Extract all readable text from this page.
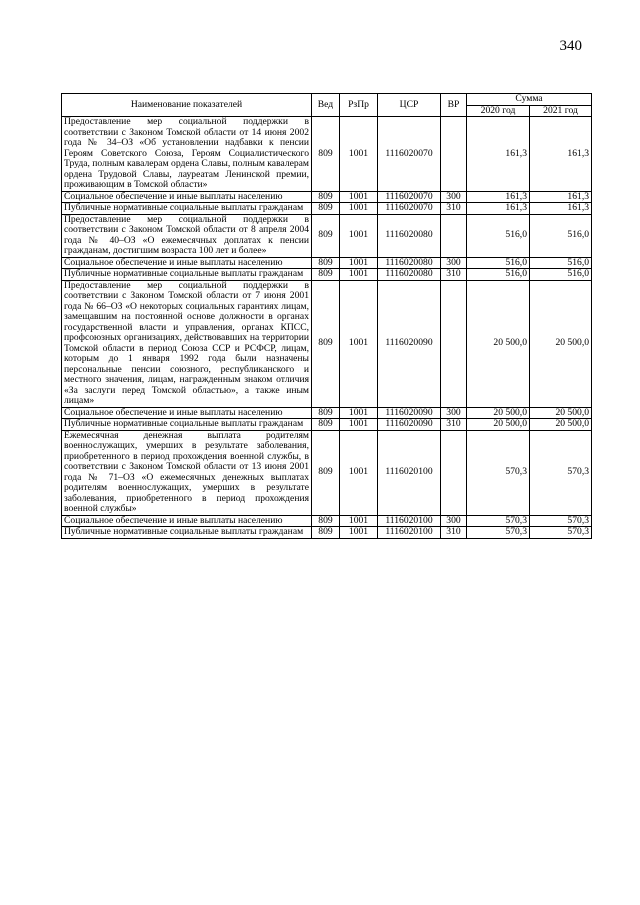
340
Наименование показателей	Вед	РзПр	ЦСР	ВР	Сумма	
					2020 год	2021 год
Предоставление мер социальной поддержки в соответствии с Законом Томской области от 14 июня 2002 года № 34–ОЗ «Об установлении надбавки к пенсии Героям Советского Союза, Героям Социалистического Труда, полным кавалерам ордена Славы, полным кавалерам ордена Трудовой Славы, лауреатам Ленинской премии, проживающим в Томской области»	809	1001	1116020070		161,3	161,3
Социальное обеспечение и иные выплаты населению	809	1001	1116020070	300	161,3	161,3
Публичные нормативные социальные выплаты гражданам	809	1001	1116020070	310	161,3	161,3
Предоставление мер социальной поддержки в соответствии с Законом Томской области от 8 апреля 2004 года № 40–ОЗ «О ежемесячных доплатах к пенсии гражданам, достигшим возраста 100 лет и более»	809	1001	1116020080		516,0	516,0
Социальное обеспечение и иные выплаты населению	809	1001	1116020080	300	516,0	516,0
Публичные нормативные социальные выплаты гражданам	809	1001	1116020080	310	516,0	516,0
Предоставление мер социальной поддержки в соответствии с Законом Томской области от 7 июня 2001 года № 66–ОЗ «О некоторых социальных гарантиях лицам, замещавшим на постоянной основе должности в органах государственной власти и управления, органах КПСС, профсоюзных организациях, действовавших на территории Томской области в период Союза ССР и РСФСР, лицам, которым до 1 января 1992 года были назначены персональные пенсии союзного, республиканского и местного значения, лицам, награжденным знаком отличия «За заслуги перед Томской областью», а также иным лицам»	809	1001	1116020090		20 500,0	20 500,0
Социальное обеспечение и иные выплаты населению	809	1001	1116020090	300	20 500,0	20 500,0
Публичные нормативные социальные выплаты гражданам	809	1001	1116020090	310	20 500,0	20 500,0
Ежемесячная денежная выплата родителям военнослужащих, умерших в результате заболевания, приобретенного в период прохождения военной службы, в соответствии с Законом Томской области от 13 июня 2001 года № 71–ОЗ «О ежемесячных денежных выплатах родителям военнослужащих, умерших в результате заболевания, приобретенного в период прохождения военной службы»	809	1001	1116020100		570,3	570,3
Социальное обеспечение и иные выплаты населению	809	1001	1116020100	300	570,3	570,3
Публичные нормативные социальные выплаты гражданам	809	1001	1116020100	310	570,3	570,3
